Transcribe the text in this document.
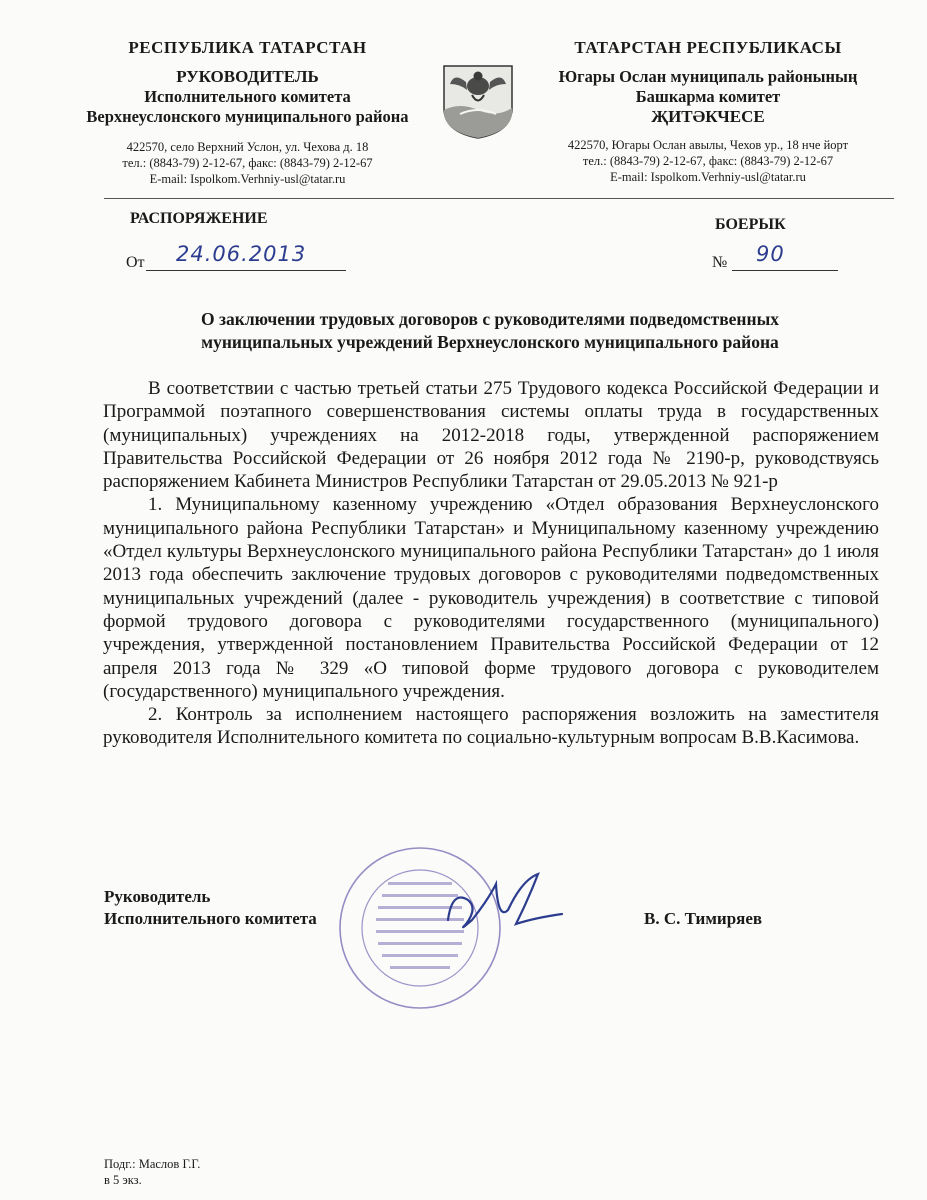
РЕСПУБЛИКА ТАТАРСТАН
РУКОВОДИТЕЛЬ
Исполнительного комитета
Верхнеуслонского муниципального района
422570, село Верхний Услон, ул. Чехова д. 18
тел.: (8843-79) 2-12-67, факс: (8843-79) 2-12-67
E-mail: Ispolkom.Verhniy-usl@tatar.ru
ТАТАРСТАН РЕСПУБЛИКАСЫ
Югары Ослан муниципаль районының
Башкарма комитет
ҖИТӘКЧЕСЕ
422570, Югары Ослан авылы, Чехов ур., 18 нче йорт
тел.: (8843-79) 2-12-67, факс: (8843-79) 2-12-67
E-mail: Ispolkom.Verhniy-usl@tatar.ru
РАСПОРЯЖЕНИЕ	БОЕРЫК
От 24.06.2013	№ 90
О заключении трудовых договоров с руководителями подведомственных
муниципальных учреждений Верхнеуслонского муниципального района

В соответствии с частью третьей статьи 275 Трудового кодекса Российской Федерации и Программой поэтапного совершенствования системы оплаты труда в государственных (муниципальных) учреждениях на 2012-2018 годы, утвержденной распоряжением Правительства Российской Федерации от 26 ноября 2012 года № 2190-р, руководствуясь распоряжением Кабинета Министров Республики Татарстан от 29.05.2013 № 921-р

1. Муниципальному казенному учреждению «Отдел образования Верхнеуслонского муниципального района Республики Татарстан» и Муниципальному казенному учреждению «Отдел культуры Верхнеуслонского муниципального района Республики Татарстан» до 1 июля 2013 года обеспечить заключение трудовых договоров с руководителями подведомственных муниципальных учреждений (далее - руководитель учреждения) в соответствие с типовой формой трудового договора с руководителями государственного (муниципального) учреждения, утвержденной постановлением Правительства Российской Федерации от 12 апреля 2013 года № 329 «О типовой форме трудового договора с руководителем (государственного) муниципального учреждения.

2. Контроль за исполнением настоящего распоряжения возложить на заместителя руководителя Исполнительного комитета по социально-культурным вопросам В.В.Касимова.

Руководитель
Исполнительного комитета	В. С. Тимиряев
Подг.: Маслов Г.Г.
в 5 экз.
